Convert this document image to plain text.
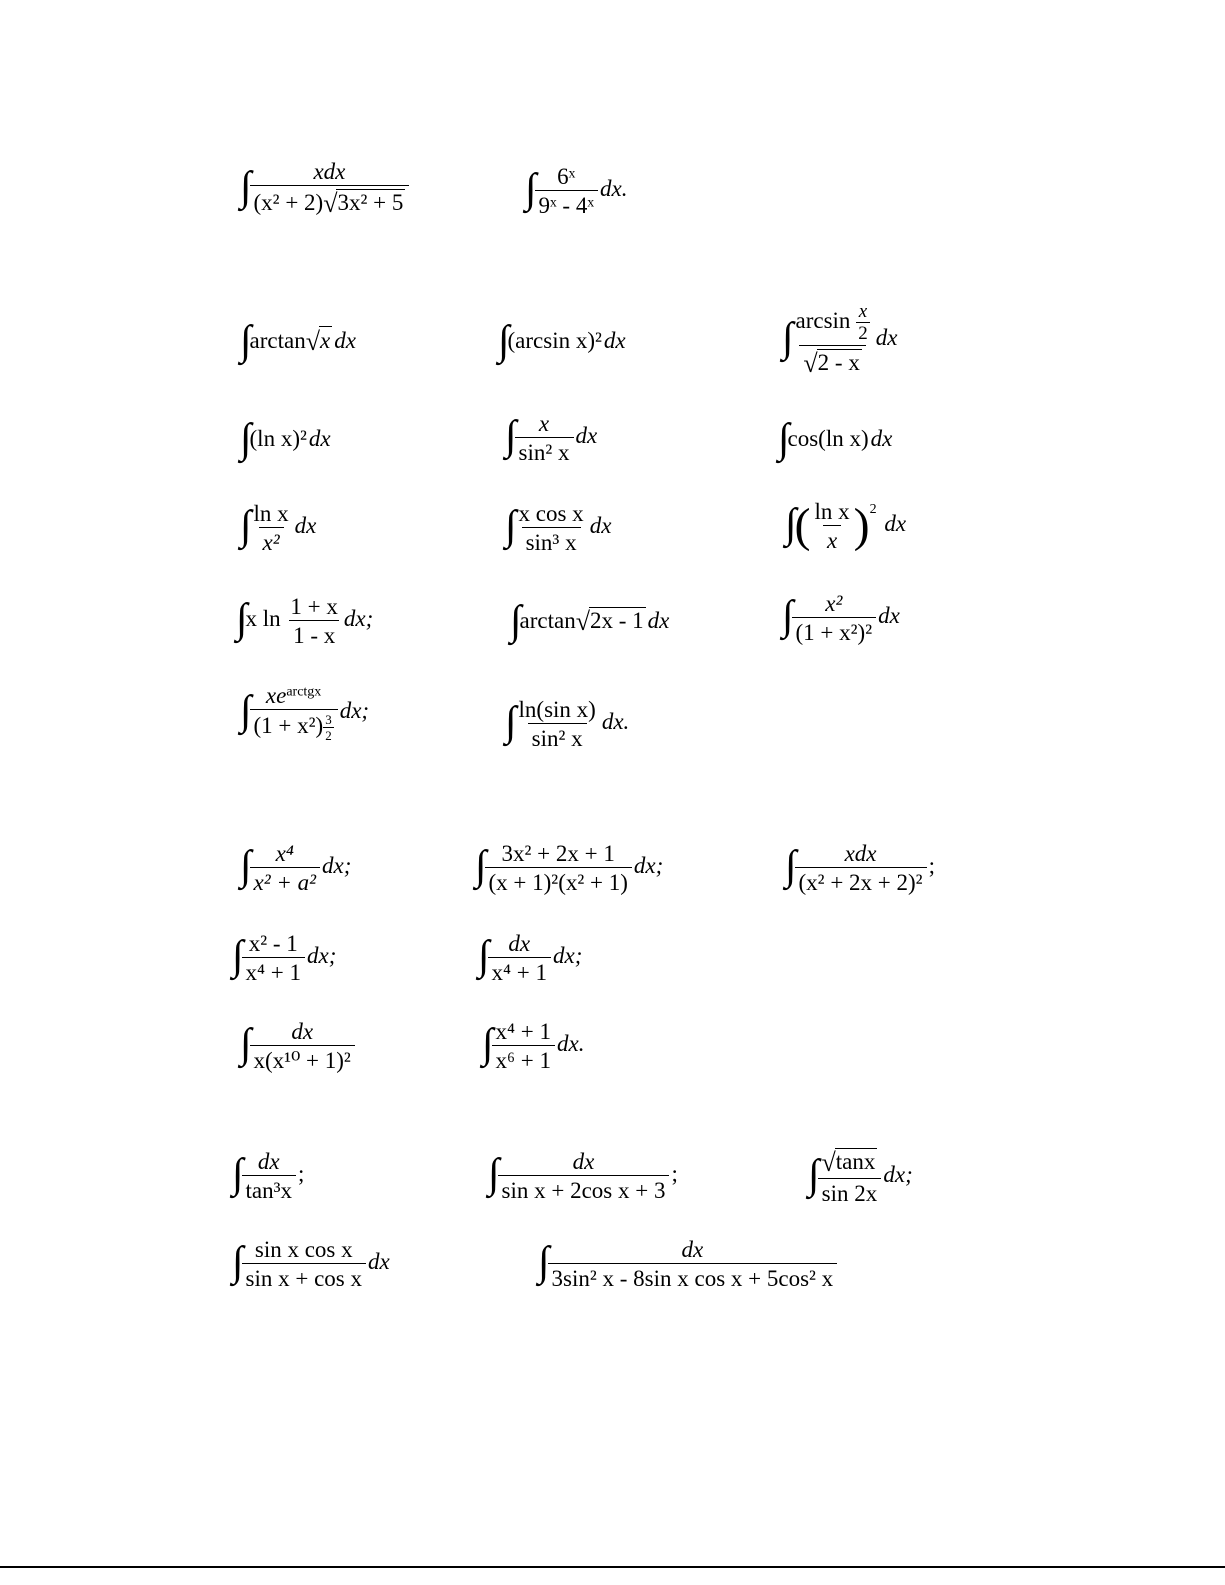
∫
$\frac{\text{xdx}}{\text{(x² + 2)√3x² + 5}}$	∫
$\frac{\text{6ˣ}}{\text{9ˣ - 4ˣ}}$ dx.
∫arctan√x dx	∫(arcsin x)²dx	∫
$\frac{\arcsin \frac{x}{2}}{√2 - x}$ dx
∫(ln x)²dx	∫
$\frac{x}{\text{sin² x}}$ dx	∫cos(ln x)dx
∫
$\frac{\text{ln x}}{\text{x²}}$ dx	∫
$\frac{\text{x cos x}}{\text{sin³ x}}$ dx	∫( $\frac{\text{ln x}}{x} )^2$ dx
∫x $\ln \frac{1 + x}{1 - x}$ dx;	∫arctan√2x - 1 dx	∫
$\frac{\text{x²}}{\text{(1 + x²)²}}$ dx
∫
$\frac{xe^{arctgx}}{(1 + x^2) \frac{3}{2}}$ dx;	∫
$\frac{\text{ln(sin x)}}{\text{sin² x}}$ dx.
∫
$\frac{\text{x⁴}}{\text{x² + a²}}$ dx;	∫
$\frac{\text{3x² + 2x + 1}}{\text{(x + 1)²(x² + 1)}}$ dx;	∫
$\frac{\text{xdx}}{\text{(x² + 2x + 2)²}}$ ;
∫
$\frac{\text{x² - 1}}{\text{x⁴ + 1}}$ dx;	∫
$\frac{dx}{\text{x⁴ + 1}}$ dx;
∫
$\frac{dx}{\text{x(x¹⁰ + 1)²}}$	∫
$\frac{\text{x⁴ + 1}}{\text{x⁶ + 1}}$ dx.
∫
$\frac{dx}{\text{tan³x}}$ ;	∫
$\frac{dx}{\text{sin x + 2cos x + 3}}$ ;	∫
$\frac{√\tan x}{\sin 2x}$ dx;
∫
$\frac{\text{sin x cos x}}{\text{sin x + cos x}}$ dx	∫
$\frac{dx}{\text{3sin² x - 8sin x cos x + 5cos² x}}$
